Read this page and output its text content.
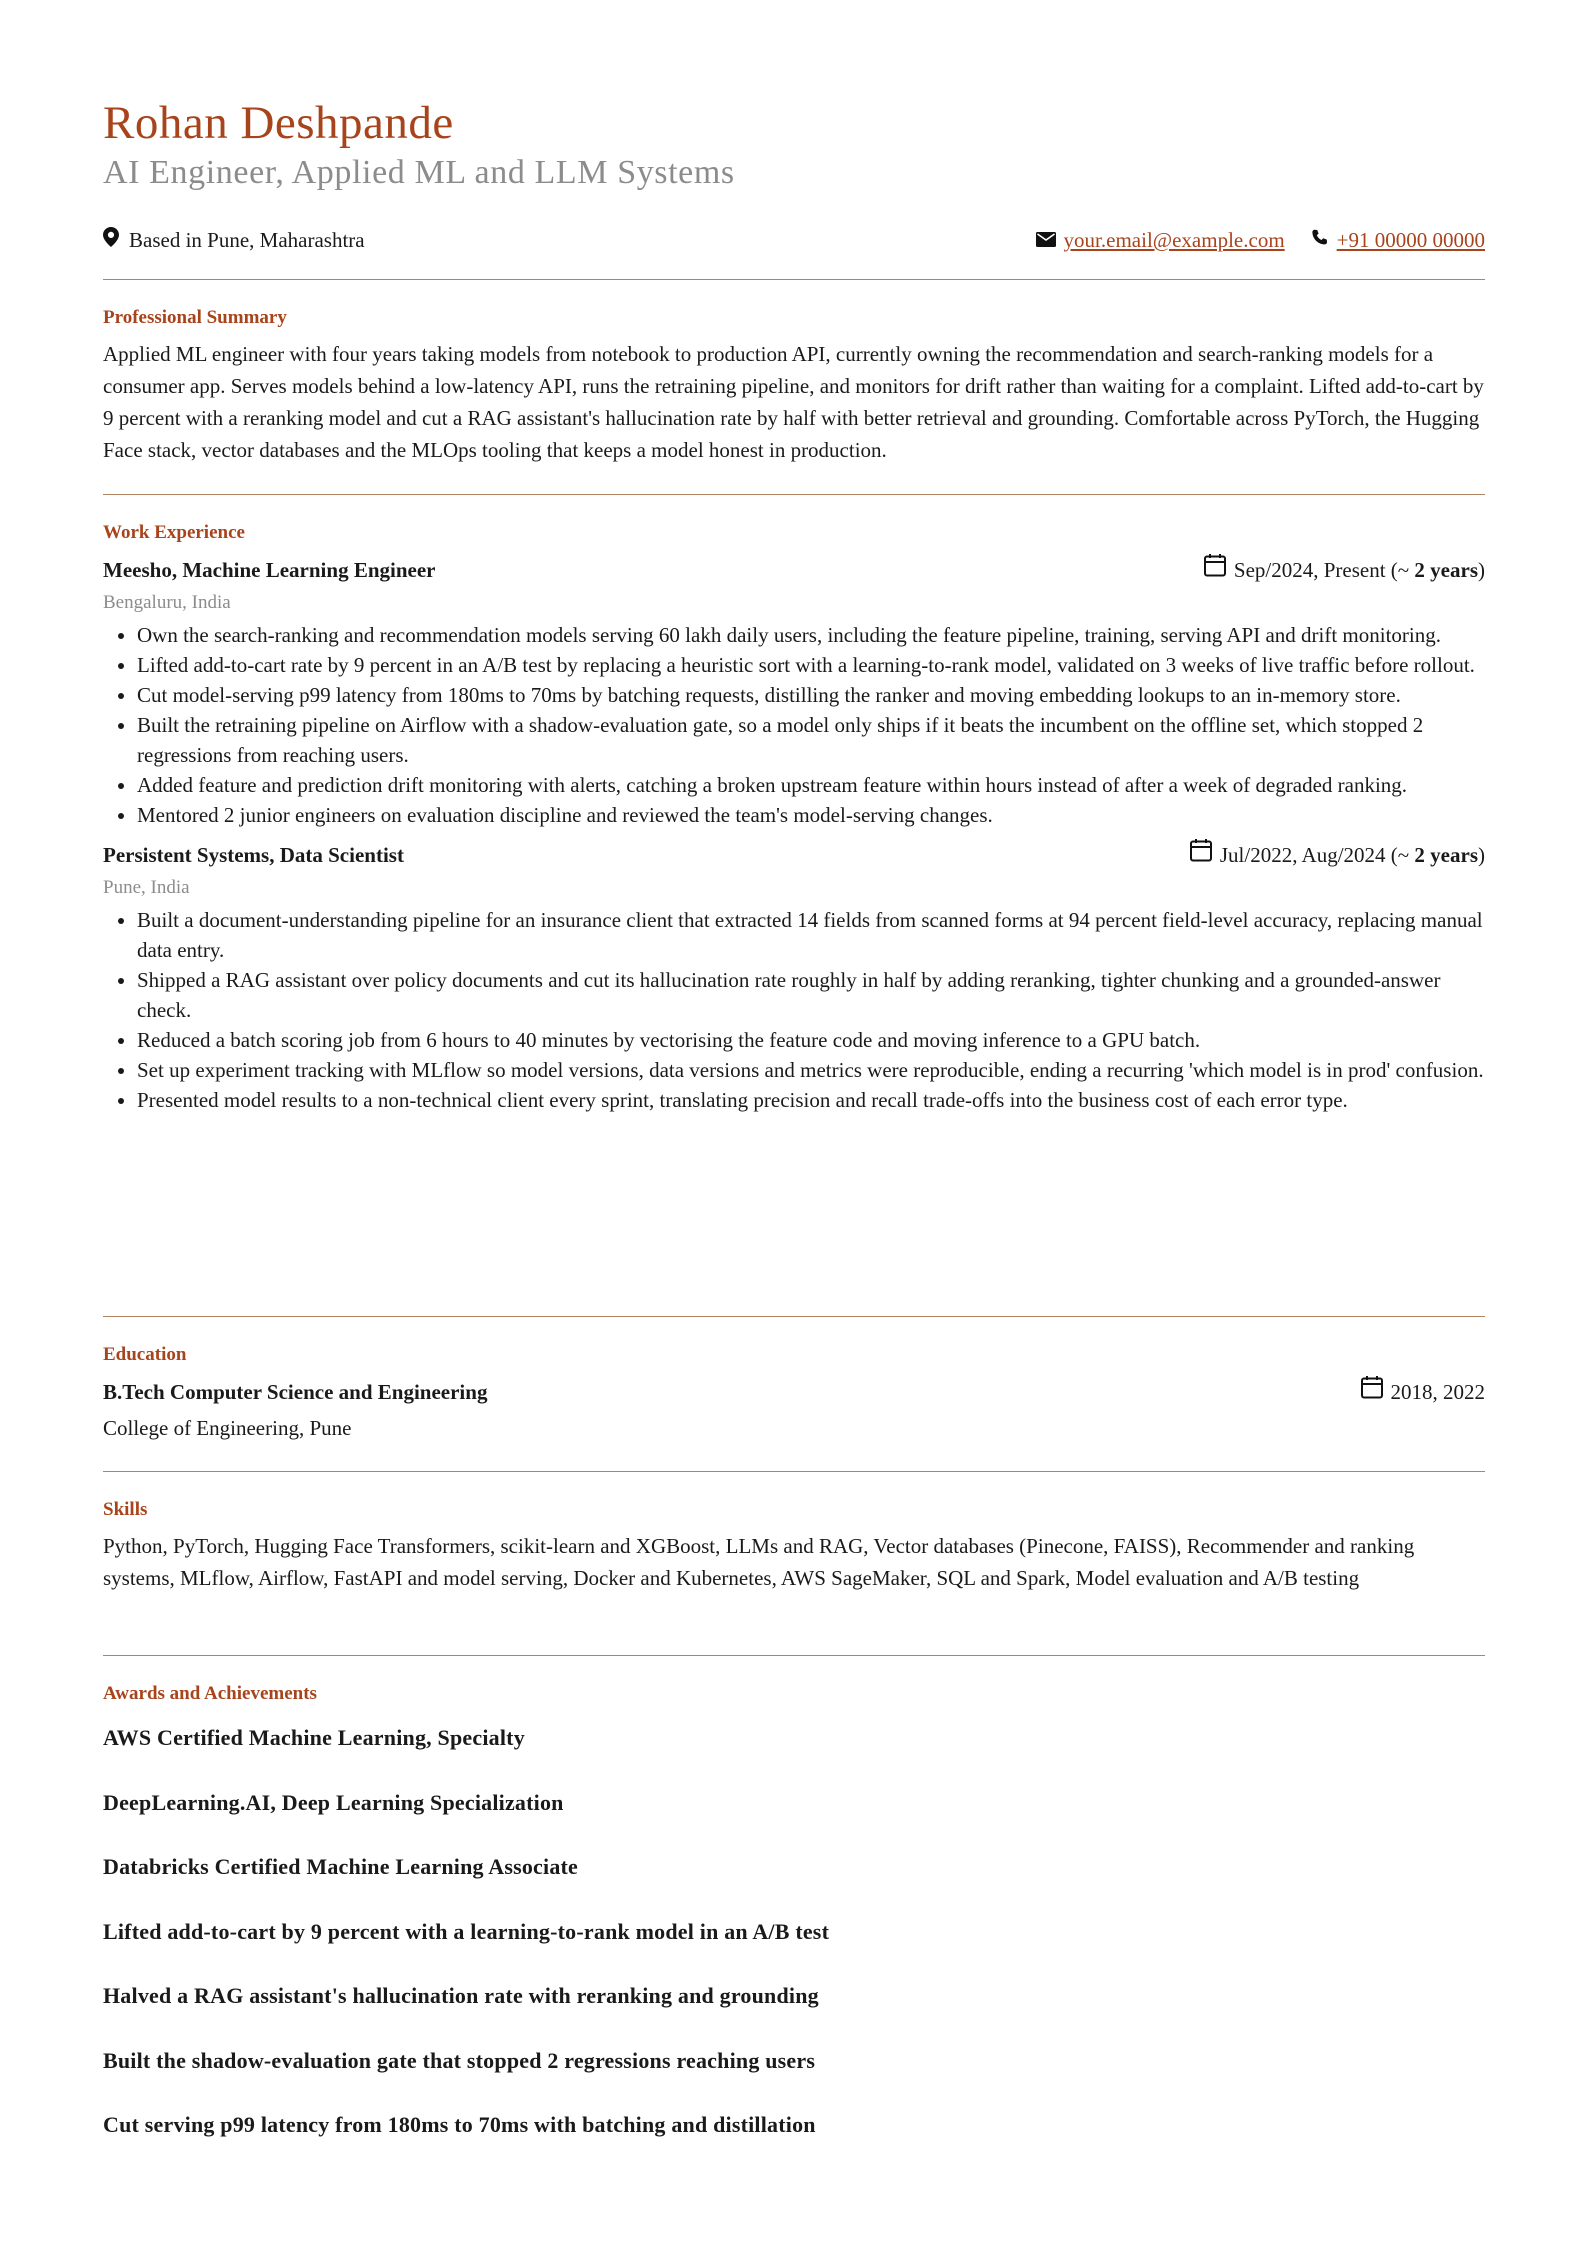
Rohan Deshpande
AI Engineer, Applied ML and LLM Systems
Based in Pune, Maharashtra	your.email@example.com +91 00000 00000
Professional Summary

Applied ML engineer with four years taking models from notebook to production API, currently owning the recommendation and search-ranking models for a consumer app. Serves models behind a low-latency API, runs the retraining pipeline, and monitors for drift rather than waiting for a complaint. Lifted add-to-cart by 9 percent with a reranking model and cut a RAG assistant's hallucination rate by half with better retrieval and grounding. Comfortable across PyTorch, the Hugging Face stack, vector databases and the MLOps tooling that keeps a model honest in production.

Work Experience
Meesho, Machine Learning Engineer	Sep/2024, Present (~ 2 years)
Bengaluru, India
• Own the search-ranking and recommendation models serving 60 lakh daily users, including the feature pipeline, training, serving API and drift monitoring.
• Lifted add-to-cart rate by 9 percent in an A/B test by replacing a heuristic sort with a learning-to-rank model, validated on 3 weeks of live traffic before rollout.
• Cut model-serving p99 latency from 180ms to 70ms by batching requests, distilling the ranker and moving embedding lookups to an in-memory store.
• Built the retraining pipeline on Airflow with a shadow-evaluation gate, so a model only ships if it beats the incumbent on the offline set, which stopped 2 regressions from reaching users.
• Added feature and prediction drift monitoring with alerts, catching a broken upstream feature within hours instead of after a week of degraded ranking.
• Mentored 2 junior engineers on evaluation discipline and reviewed the team's model-serving changes.
Persistent Systems, Data Scientist	Jul/2022, Aug/2024 (~ 2 years)
Pune, India
• Built a document-understanding pipeline for an insurance client that extracted 14 fields from scanned forms at 94 percent field-level accuracy, replacing manual data entry.
• Shipped a RAG assistant over policy documents and cut its hallucination rate roughly in half by adding reranking, tighter chunking and a grounded-answer check.
• Reduced a batch scoring job from 6 hours to 40 minutes by vectorising the feature code and moving inference to a GPU batch.
• Set up experiment tracking with MLflow so model versions, data versions and metrics were reproducible, ending a recurring 'which model is in prod' confusion.
• Presented model results to a non-technical client every sprint, translating precision and recall trade-offs into the business cost of each error type.
Education
B.Tech Computer Science and Engineering	2018, 2022
College of Engineering, Pune
Skills

Python, PyTorch, Hugging Face Transformers, scikit-learn and XGBoost, LLMs and RAG, Vector databases (Pinecone, FAISS), Recommender and ranking systems, MLflow, Airflow, FastAPI and model serving, Docker and Kubernetes, AWS SageMaker, SQL and Spark, Model evaluation and A/B testing

Awards and Achievements
AWS Certified Machine Learning, Specialty
DeepLearning.AI, Deep Learning Specialization
Databricks Certified Machine Learning Associate
Lifted add-to-cart by 9 percent with a learning-to-rank model in an A/B test
Halved a RAG assistant's hallucination rate with reranking and grounding
Built the shadow-evaluation gate that stopped 2 regressions reaching users
Cut serving p99 latency from 180ms to 70ms with batching and distillation
